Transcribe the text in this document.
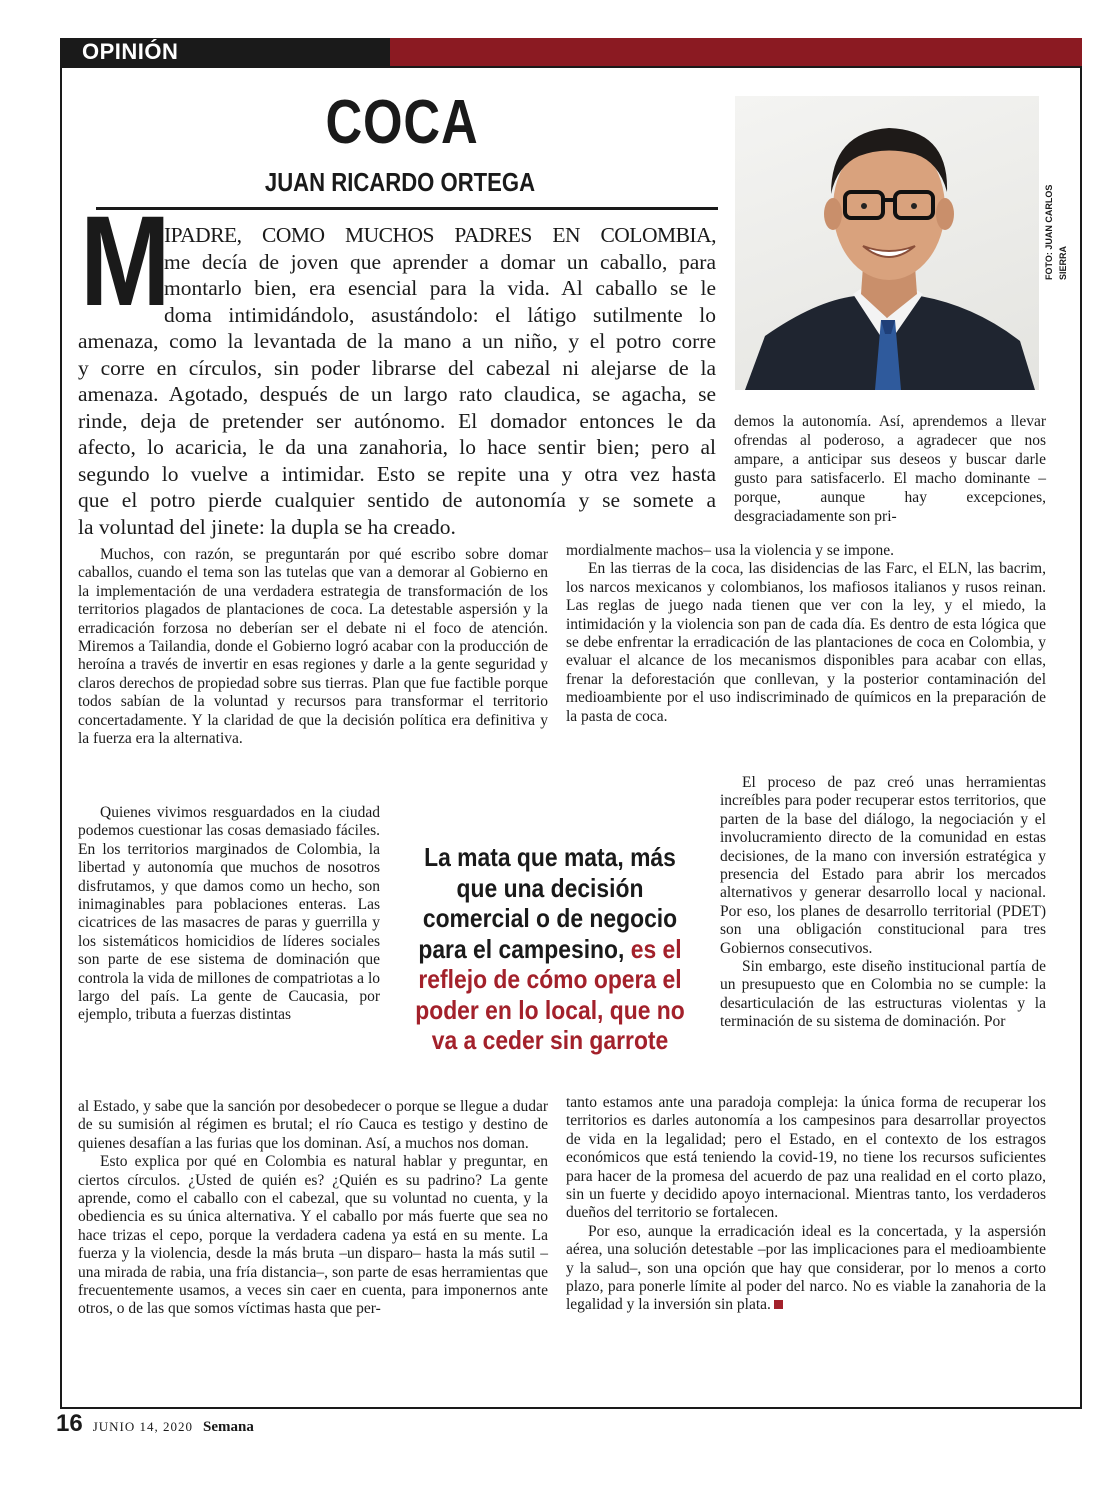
OPINIÓN
COCA
JUAN RICARDO ORTEGA
FOTO: JUAN CARLOS SIERRA
M
IPADRE, COMO MUCHOS PADRES EN COLOMBIA,
me decía de joven que aprender a domar un caballo, para
montarlo bien, era esencial para la vida. Al caballo se le
doma intimidándolo, asustándolo: el látigo sutilmente lo
amenaza, como la levantada de la mano a un niño, y el potro corre
y corre en círculos, sin poder librarse del cabezal ni alejarse de la
amenaza. Agotado, después de un largo rato claudica, se agacha, se
rinde, deja de pretender ser autónomo. El domador entonces le da
afecto, lo acaricia, le da una zanahoria, lo hace sentir bien; pero al
segundo lo vuelve a intimidar. Esto se repite una y otra vez hasta
que el potro pierde cualquier sentido de autonomía y se somete a
la voluntad del jinete: la dupla se ha creado.

demos la autonomía. Así, aprendemos a llevar ofrendas al poderoso, a agradecer que nos ampare, a anticipar sus deseos y buscar darle gusto para satisfacerlo. El macho dominante –porque, aunque hay excepciones, desgraciadamente son pri-

Muchos, con razón, se preguntarán por qué escribo sobre domar caballos, cuando el tema son las tutelas que van a demorar al Gobierno en la implementación de una verdadera estrategia de transformación de los territorios plagados de plantaciones de coca. La detestable aspersión y la erradicación forzosa no deberían ser el debate ni el foco de atención. Miremos a Tailandia, donde el Gobierno logró acabar con la producción de heroína a través de invertir en esas regiones y darle a la gente seguridad y claros derechos de propiedad sobre sus tierras. Plan que fue factible porque todos sabían de la voluntad y recursos para transformar el territorio concertadamente. Y la claridad de que la decisión política era definitiva y la fuerza era la alternativa.

mordialmente machos– usa la violencia y se impone.

En las tierras de la coca, las disidencias de las Farc, el ELN, las bacrim, los narcos mexicanos y colombianos, los mafiosos italianos y rusos reinan. Las reglas de juego nada tienen que ver con la ley, y el miedo, la intimidación y la violencia son pan de cada día. Es dentro de esta lógica que se debe enfrentar la erradicación de las plantaciones de coca en Colombia, y evaluar el alcance de los mecanismos disponibles para acabar con ellas, frenar la deforestación que conllevan, y la posterior contaminación del medioambiente por el uso indiscriminado de químicos en la preparación de la pasta de coca.

Quienes vivimos resguardados en la ciudad podemos cuestionar las cosas demasiado fáciles. En los territorios marginados de Colombia, la libertad y autonomía que muchos de nosotros disfrutamos, y que damos como un hecho, son inimaginables para poblaciones enteras. Las cicatrices de las masacres de paras y guerrilla y los sistemáticos homicidios de líderes sociales son parte de ese sistema de dominación que controla la vida de millones de compatriotas a lo largo del país. La gente de Caucasia, por ejemplo, tributa a fuerzas distintas

El proceso de paz creó unas herramientas increíbles para poder recuperar estos territorios, que parten de la base del diálogo, la negociación y el involucramiento directo de la comunidad en estas decisiones, de la mano con inversión estratégica y presencia del Estado para abrir los mercados alternativos y generar desarrollo local y nacional. Por eso, los planes de desarrollo territorial (PDET) son una obligación constitucional para tres Gobiernos consecutivos.

Sin embargo, este diseño institucional partía de un presupuesto que en Colombia no se cumple: la desarticulación de las estructuras violentas y la terminación de su sistema de dominación. Por

La mata que mata, más que una decisión comercial o de negocio para el campesino, es el reflejo de cómo opera el poder en lo local, que no va a ceder sin garrote

al Estado, y sabe que la sanción por desobedecer o porque se llegue a dudar de su sumisión al régimen es brutal; el río Cauca es testigo y destino de quienes desafían a las furias que los dominan. Así, a muchos nos doman.

Esto explica por qué en Colombia es natural hablar y preguntar, en ciertos círculos. ¿Usted de quién es? ¿Quién es su padrino? La gente aprende, como el caballo con el cabezal, que su voluntad no cuenta, y la obediencia es su única alternativa. Y el caballo por más fuerte que sea no hace trizas el cepo, porque la verdadera cadena ya está en su mente. La fuerza y la violencia, desde la más bruta –un disparo– hasta la más sutil –una mirada de rabia, una fría distancia–, son parte de esas herramientas que frecuentemente usamos, a veces sin caer en cuenta, para imponernos ante otros, o de las que somos víctimas hasta que per-

tanto estamos ante una paradoja compleja: la única forma de recuperar los territorios es darles autonomía a los campesinos para desarrollar proyectos de vida en la legalidad; pero el Estado, en el contexto de los estragos económicos que está teniendo la covid-19, no tiene los recursos suficientes para hacer de la promesa del acuerdo de paz una realidad en el corto plazo, sin un fuerte y decidido apoyo internacional. Mientras tanto, los verdaderos dueños del territorio se fortalecen.

Por eso, aunque la erradicación ideal es la concertada, y la aspersión aérea, una solución detestable –por las implicaciones para el medioambiente y la salud–, son una opción que hay que considerar, por lo menos a corto plazo, para ponerle límite al poder del narco. No es viable la zanahoria de la legalidad y la inversión sin plata.

16 JUNIO 14, 2020 Semana
